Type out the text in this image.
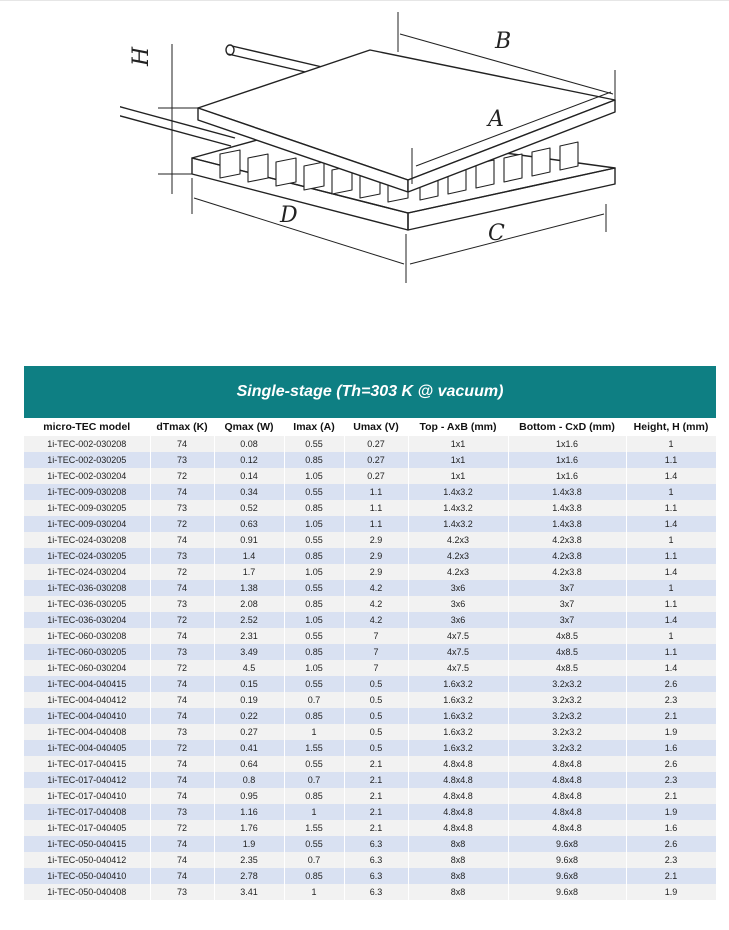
B
A
D
C
H
Single-stage (Th=303 K @ vacuum)
micro-TEC model	dTmax (K)	Qmax (W)	Imax (A)	Umax (V)	Top - AxB (mm)	Bottom - CxD (mm)	Height, H (mm)
1i-TEC-002-030208	74	0.08	0.55	0.27	1x1	1x1.6	1
1i-TEC-002-030205	73	0.12	0.85	0.27	1x1	1x1.6	1.1
1i-TEC-002-030204	72	0.14	1.05	0.27	1x1	1x1.6	1.4
1i-TEC-009-030208	74	0.34	0.55	1.1	1.4x3.2	1.4x3.8	1
1i-TEC-009-030205	73	0.52	0.85	1.1	1.4x3.2	1.4x3.8	1.1
1i-TEC-009-030204	72	0.63	1.05	1.1	1.4x3.2	1.4x3.8	1.4
1i-TEC-024-030208	74	0.91	0.55	2.9	4.2x3	4.2x3.8	1
1i-TEC-024-030205	73	1.4	0.85	2.9	4.2x3	4.2x3.8	1.1
1i-TEC-024-030204	72	1.7	1.05	2.9	4.2x3	4.2x3.8	1.4
1i-TEC-036-030208	74	1.38	0.55	4.2	3x6	3x7	1
1i-TEC-036-030205	73	2.08	0.85	4.2	3x6	3x7	1.1
1i-TEC-036-030204	72	2.52	1.05	4.2	3x6	3x7	1.4
1i-TEC-060-030208	74	2.31	0.55	7	4x7.5	4x8.5	1
1i-TEC-060-030205	73	3.49	0.85	7	4x7.5	4x8.5	1.1
1i-TEC-060-030204	72	4.5	1.05	7	4x7.5	4x8.5	1.4
1i-TEC-004-040415	74	0.15	0.55	0.5	1.6x3.2	3.2x3.2	2.6
1i-TEC-004-040412	74	0.19	0.7	0.5	1.6x3.2	3.2x3.2	2.3
1i-TEC-004-040410	74	0.22	0.85	0.5	1.6x3.2	3.2x3.2	2.1
1i-TEC-004-040408	73	0.27	1	0.5	1.6x3.2	3.2x3.2	1.9
1i-TEC-004-040405	72	0.41	1.55	0.5	1.6x3.2	3.2x3.2	1.6
1i-TEC-017-040415	74	0.64	0.55	2.1	4.8x4.8	4.8x4.8	2.6
1i-TEC-017-040412	74	0.8	0.7	2.1	4.8x4.8	4.8x4.8	2.3
1i-TEC-017-040410	74	0.95	0.85	2.1	4.8x4.8	4.8x4.8	2.1
1i-TEC-017-040408	73	1.16	1	2.1	4.8x4.8	4.8x4.8	1.9
1i-TEC-017-040405	72	1.76	1.55	2.1	4.8x4.8	4.8x4.8	1.6
1i-TEC-050-040415	74	1.9	0.55	6.3	8x8	9.6x8	2.6
1i-TEC-050-040412	74	2.35	0.7	6.3	8x8	9.6x8	2.3
1i-TEC-050-040410	74	2.78	0.85	6.3	8x8	9.6x8	2.1
1i-TEC-050-040408	73	3.41	1	6.3	8x8	9.6x8	1.9
